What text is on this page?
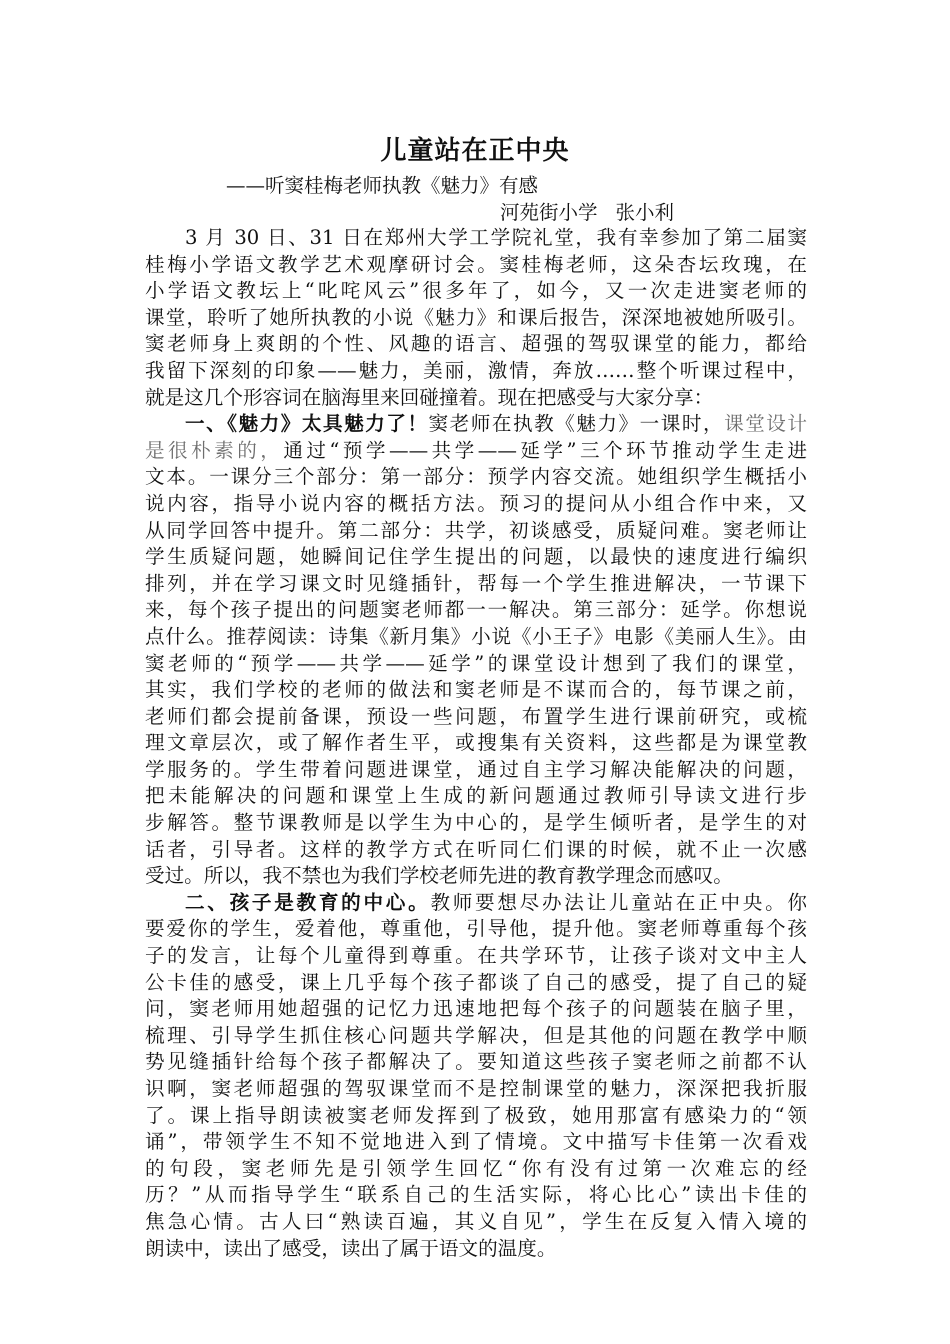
儿童站在正中央
——听窦桂梅老师执教《魅力》有感
河苑街小学 张小利
3 月 30 日、31 日在郑州大学工学院礼堂，我有幸参加了第二届窦
桂梅小学语文教学艺术观摩研讨会。窦桂梅老师，这朵杏坛玫瑰，在
小学语文教坛上“叱咤风云”很多年了，如今，又一次走进窦老师的
课堂，聆听了她所执教的小说《魅力》和课后报告，深深地被她所吸引。
窦老师身上爽朗的个性、风趣的语言、超强的驾驭课堂的能力，都给
我留下深刻的印象——魅力，美丽，激情，奔放……整个听课过程中，
就是这几个形容词在脑海里来回碰撞着。现在把感受与大家分享：
一、《魅力》太具魅力了！窦老师在执教《魅力》一课时，课堂设计
是很朴素的，通过“预学——共学——延学”三个环节推动学生走进
文本。一课分三个部分：第一部分：预学内容交流。她组织学生概括小
说内容，指导小说内容的概括方法。预习的提问从小组合作中来，又
从同学回答中提升。第二部分：共学，初谈感受，质疑问难。窦老师让
学生质疑问题，她瞬间记住学生提出的问题，以最快的速度进行编织
排列，并在学习课文时见缝插针，帮每一个学生推进解决，一节课下
来，每个孩子提出的问题窦老师都一一解决。第三部分：延学。你想说
点什么。推荐阅读：诗集《新月集》小说《小王子》电影《美丽人生》。由
窦老师的“预学——共学——延学”的课堂设计想到了我们的课堂，
其实，我们学校的老师的做法和窦老师是不谋而合的，每节课之前，
老师们都会提前备课，预设一些问题，布置学生进行课前研究，或梳
理文章层次，或了解作者生平，或搜集有关资料，这些都是为课堂教
学服务的。学生带着问题进课堂，通过自主学习解决能解决的问题，
把未能解决的问题和课堂上生成的新问题通过教师引导读文进行步
步解答。整节课教师是以学生为中心的，是学生倾听者，是学生的对
话者，引导者。这样的教学方式在听同仁们课的时候，就不止一次感
受过。所以，我不禁也为我们学校老师先进的教育教学理念而感叹。
二、孩子是教育的中心。教师要想尽办法让儿童站在正中央。你
要爱你的学生，爱着他，尊重他，引导他，提升他。窦老师尊重每个孩
子的发言，让每个儿童得到尊重。在共学环节，让孩子谈对文中主人
公卡佳的感受，课上几乎每个孩子都谈了自己的感受，提了自己的疑
问，窦老师用她超强的记忆力迅速地把每个孩子的问题装在脑子里，
梳理、引导学生抓住核心问题共学解决，但是其他的问题在教学中顺
势见缝插针给每个孩子都解决了。要知道这些孩子窦老师之前都不认
识啊，窦老师超强的驾驭课堂而不是控制课堂的魅力，深深把我折服
了。课上指导朗读被窦老师发挥到了极致，她用那富有感染力的“领
诵”，带领学生不知不觉地进入到了情境。文中描写卡佳第一次看戏
的句段，窦老师先是引领学生回忆“你有没有过第一次难忘的经
历？”从而指导学生“联系自己的生活实际，将心比心”读出卡佳的
焦急心情。古人曰“熟读百遍，其义自见”，学生在反复入情入境的
朗读中，读出了感受，读出了属于语文的温度。
